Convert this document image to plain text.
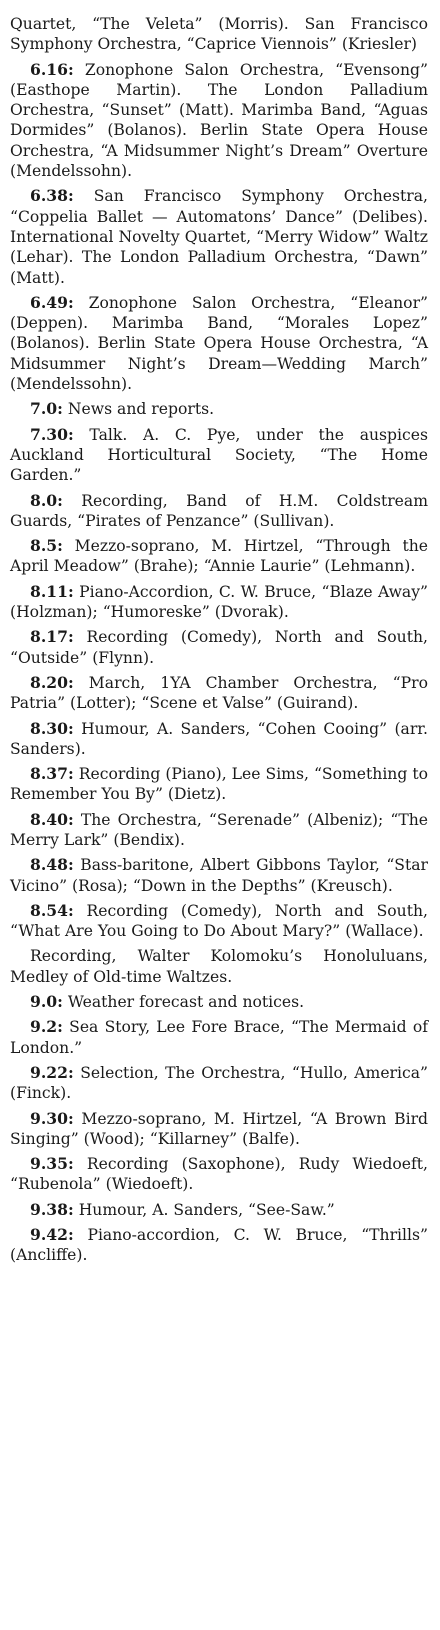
Quartet, “The Veleta” (Morris). San Francisco Symphony Orchestra, “Caprice Viennois” (Kriesler)

6.16: Zonophone Salon Orchestra, “Evensong” (Easthope Martin). The London Palladium Orchestra, “Sunset” (Matt). Marimba Band, “Aguas Dormides” (Bolanos). Berlin State Opera House Orchestra, “A Midsummer Night’s Dream” Overture (Mendelssohn).

6.38: San Francisco Symphony Orchestra, “Coppelia Ballet — Automatons’ Dance” (Delibes). International Novelty Quartet, “Merry Widow” Waltz (Lehar). The London Palladium Orchestra, “Dawn” (Matt).

6.49: Zonophone Salon Orchestra, “Eleanor” (Deppen). Marimba Band, “Morales Lopez” (Bolanos). Berlin State Opera House Orchestra, “A Midsummer Night’s Dream—Wedding March” (Mendelssohn).

7.0: News and reports.

7.30: Talk. A. C. Pye, under the auspices Auckland Horticultural Society, “The Home Garden.”

8.0: Recording, Band of H.M. Coldstream Guards, “Pirates of Penzance” (Sullivan).

8.5: Mezzo-soprano, M. Hirtzel, “Through the April Meadow” (Brahe); “Annie Laurie” (Lehmann).

8.11: Piano-Accordion, C. W. Bruce, “Blaze Away” (Holzman); “Humoreske” (Dvorak).

8.17: Recording (Comedy), North and South, “Outside” (Flynn).

8.20: March, 1YA Chamber Orchestra, “Pro Patria” (Lotter); “Scene et Valse” (Guirand).

8.30: Humour, A. Sanders, “Cohen Cooing” (arr. Sanders).

8.37: Recording (Piano), Lee Sims, “Something to Remember You By” (Dietz).

8.40: The Orchestra, “Serenade” (Albeniz); “The Merry Lark” (Bendix).

8.48: Bass-baritone, Albert Gibbons Taylor, “Star Vicino” (Rosa); “Down in the Depths” (Kreusch).

8.54: Recording (Comedy), North and South, “What Are You Going to Do About Mary?” (Wallace).

Recording, Walter Kolomoku’s Honoluluans, Medley of Old-time Waltzes.

9.0: Weather forecast and notices.

9.2: Sea Story, Lee Fore Brace, “The Mermaid of London.”

9.22: Selection, The Orchestra, “Hullo, America” (Finck).

9.30: Mezzo-soprano, M. Hirtzel, “A Brown Bird Singing” (Wood); “Killarney” (Balfe).

9.35: Recording (Saxophone), Rudy Wiedoeft, “Rubenola” (Wiedoeft).

9.38: Humour, A. Sanders, “See-Saw.”

9.42: Piano-accordion, C. W. Bruce, “Thrills” (Ancliffe).
